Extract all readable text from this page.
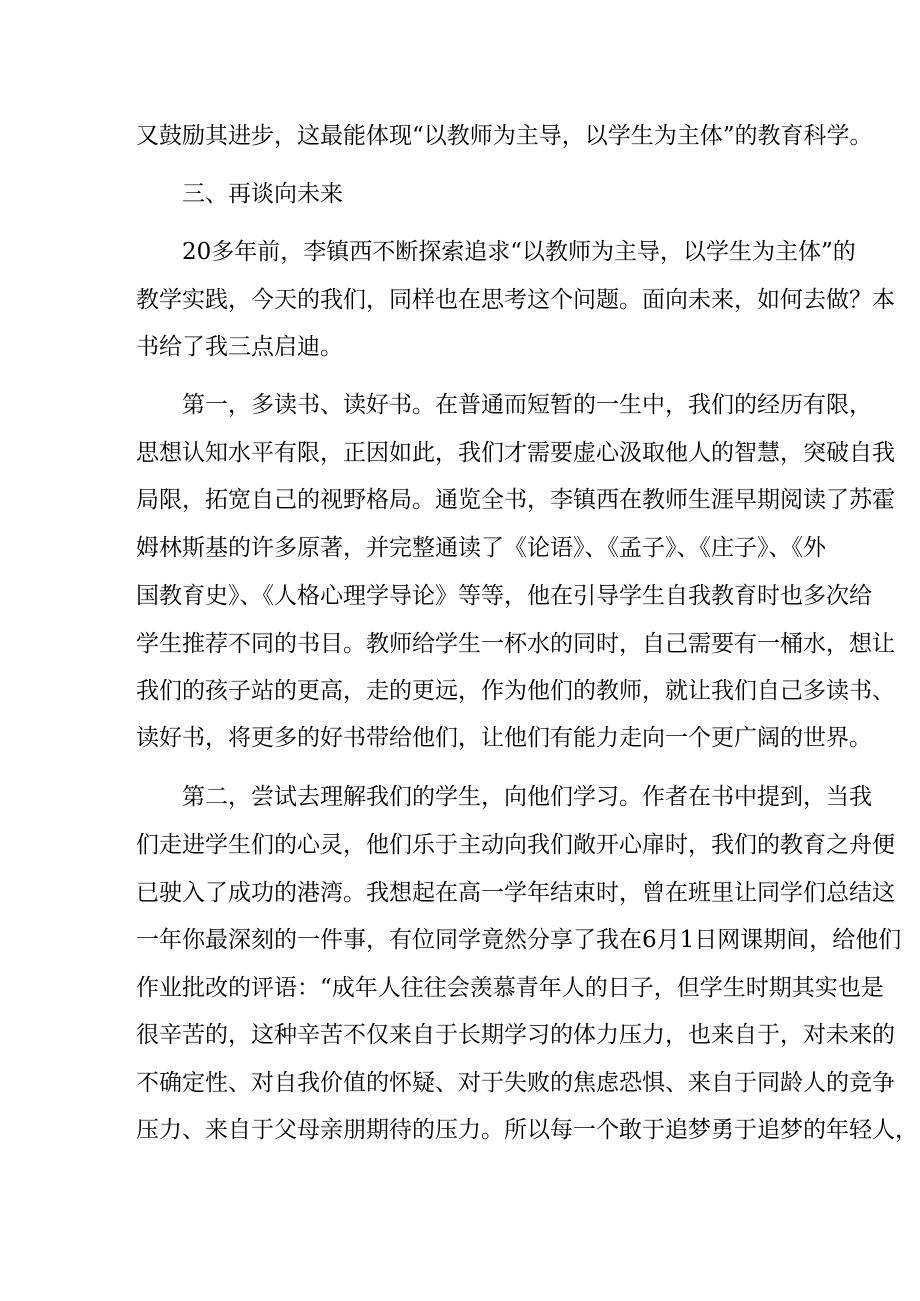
又鼓励其进步，这最能体现“以教师为主导，以学生为主体”的教育科学。
三、再谈向未来
20多年前，李镇西不断探索追求“以教师为主导，以学生为主体”的
教学实践，今天的我们，同样也在思考这个问题。面向未来，如何去做？本
书给了我三点启迪。
第一，多读书、读好书。在普通而短暂的一生中，我们的经历有限，
思想认知水平有限，正因如此，我们才需要虚心汲取他人的智慧，突破自我
局限，拓宽自己的视野格局。通览全书，李镇西在教师生涯早期阅读了苏霍
姆林斯基的许多原著，并完整通读了《论语》、《孟子》、《庄子》、《外
国教育史》、《人格心理学导论》等等，他在引导学生自我教育时也多次给
学生推荐不同的书目。教师给学生一杯水的同时，自己需要有一桶水，想让
我们的孩子站的更高，走的更远，作为他们的教师，就让我们自己多读书、
读好书，将更多的好书带给他们，让他们有能力走向一个更广阔的世界。
第二，尝试去理解我们的学生，向他们学习。作者在书中提到，当我
们走进学生们的心灵，他们乐于主动向我们敞开心扉时，我们的教育之舟便
已驶入了成功的港湾。我想起在高一学年结束时，曾在班里让同学们总结这
一年你最深刻的一件事，有位同学竟然分享了我在6月1日网课期间，给他们
作业批改的评语：“成年人往往会羡慕青年人的日子，但学生时期其实也是
很辛苦的，这种辛苦不仅来自于长期学习的体力压力，也来自于，对未来的
不确定性、对自我价值的怀疑、对于失败的焦虑恐惧、来自于同龄人的竞争
压力、来自于父母亲朋期待的压力。所以每一个敢于追梦勇于追梦的年轻人，
